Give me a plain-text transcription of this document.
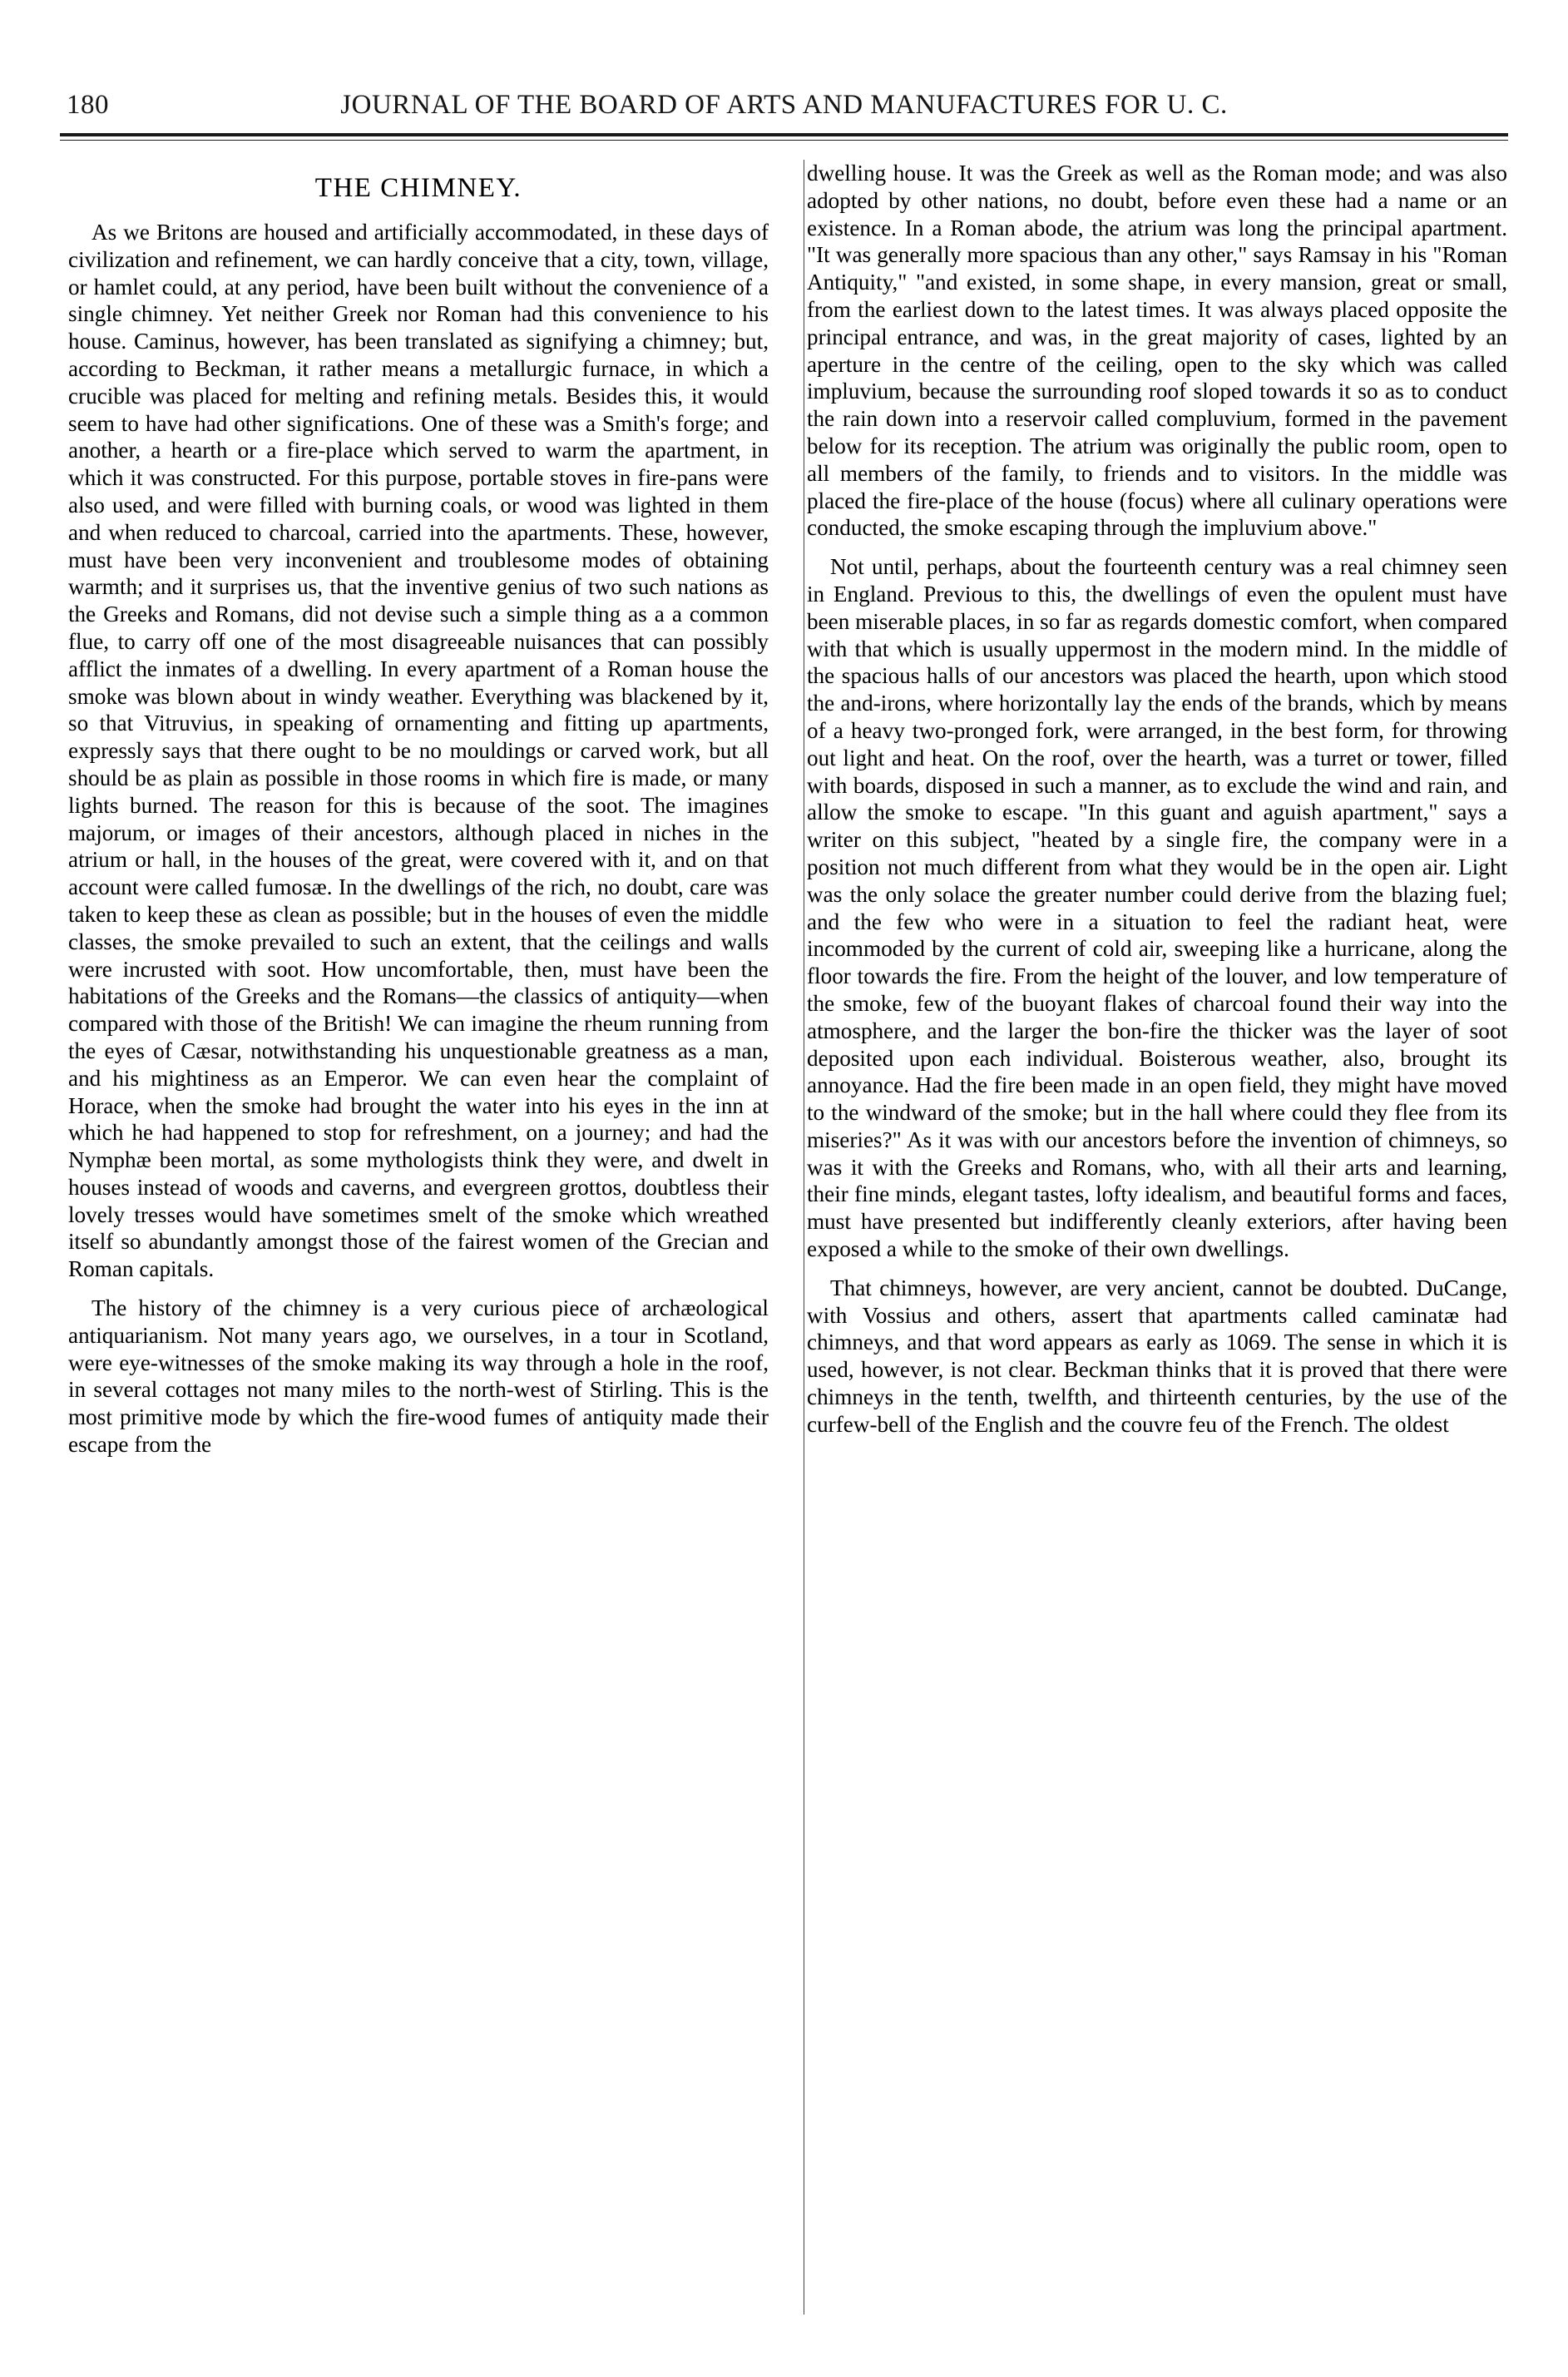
180	JOURNAL OF THE BOARD OF ARTS AND MANUFACTURES FOR U. C.
THE CHIMNEY.

As we Britons are housed and artificially accommodated, in these days of civilization and refinement, we can hardly conceive that a city, town, village, or hamlet could, at any period, have been built without the convenience of a single chimney. Yet neither Greek nor Roman had this convenience to his house. Caminus, however, has been translated as signifying a chimney; but, according to Beckman, it rather means a metallurgic furnace, in which a crucible was placed for melting and refining metals. Besides this, it would seem to have had other significations. One of these was a Smith's forge; and another, a hearth or a fire-place which served to warm the apartment, in which it was constructed. For this purpose, portable stoves in fire-pans were also used, and were filled with burning coals, or wood was lighted in them and when reduced to charcoal, carried into the apartments. These, however, must have been very inconvenient and troublesome modes of obtaining warmth; and it surprises us, that the inventive genius of two such nations as the Greeks and Romans, did not devise such a simple thing as a a common flue, to carry off one of the most disagreeable nuisances that can possibly afflict the inmates of a dwelling. In every apartment of a Roman house the smoke was blown about in windy weather. Everything was blackened by it, so that Vitruvius, in speaking of ornamenting and fitting up apartments, expressly says that there ought to be no mouldings or carved work, but all should be as plain as possible in those rooms in which fire is made, or many lights burned. The reason for this is because of the soot. The imagines majorum, or images of their ancestors, although placed in niches in the atrium or hall, in the houses of the great, were covered with it, and on that account were called fumosæ. In the dwellings of the rich, no doubt, care was taken to keep these as clean as possible; but in the houses of even the middle classes, the smoke prevailed to such an extent, that the ceilings and walls were incrusted with soot. How uncomfortable, then, must have been the habitations of the Greeks and the Romans—the classics of antiquity—when compared with those of the British! We can imagine the rheum running from the eyes of Cæsar, notwithstanding his unquestionable greatness as a man, and his mightiness as an Emperor. We can even hear the complaint of Horace, when the smoke had brought the water into his eyes in the inn at which he had happened to stop for refreshment, on a journey; and had the Nymphæ been mortal, as some mythologists think they were, and dwelt in houses instead of woods and caverns, and evergreen grottos, doubtless their lovely tresses would have sometimes smelt of the smoke which wreathed itself so abundantly amongst those of the fairest women of the Grecian and Roman capitals.

The history of the chimney is a very curious piece of archæological antiquarianism. Not many years ago, we ourselves, in a tour in Scotland, were eye-witnesses of the smoke making its way through a hole in the roof, in several cottages not many miles to the north-west of Stirling. This is the most primitive mode by which the fire-wood fumes of antiquity made their escape from the

dwelling house. It was the Greek as well as the Roman mode; and was also adopted by other nations, no doubt, before even these had a name or an existence. In a Roman abode, the atrium was long the principal apartment. "It was generally more spacious than any other," says Ramsay in his "Roman Antiquity," "and existed, in some shape, in every mansion, great or small, from the earliest down to the latest times. It was always placed opposite the principal entrance, and was, in the great majority of cases, lighted by an aperture in the centre of the ceiling, open to the sky which was called impluvium, because the surrounding roof sloped towards it so as to conduct the rain down into a reservoir called compluvium, formed in the pavement below for its reception. The atrium was originally the public room, open to all members of the family, to friends and to visitors. In the middle was placed the fire-place of the house (focus) where all culinary operations were conducted, the smoke escaping through the impluvium above."

Not until, perhaps, about the fourteenth century was a real chimney seen in England. Previous to this, the dwellings of even the opulent must have been miserable places, in so far as regards domestic comfort, when compared with that which is usually uppermost in the modern mind. In the middle of the spacious halls of our ancestors was placed the hearth, upon which stood the and-irons, where horizontally lay the ends of the brands, which by means of a heavy two-pronged fork, were arranged, in the best form, for throwing out light and heat. On the roof, over the hearth, was a turret or tower, filled with boards, disposed in such a manner, as to exclude the wind and rain, and allow the smoke to escape. "In this guant and aguish apartment," says a writer on this subject, "heated by a single fire, the company were in a position not much different from what they would be in the open air. Light was the only solace the greater number could derive from the blazing fuel; and the few who were in a situation to feel the radiant heat, were incommoded by the current of cold air, sweeping like a hurricane, along the floor towards the fire. From the height of the louver, and low temperature of the smoke, few of the buoyant flakes of charcoal found their way into the atmosphere, and the larger the bon-fire the thicker was the layer of soot deposited upon each individual. Boisterous weather, also, brought its annoyance. Had the fire been made in an open field, they might have moved to the windward of the smoke; but in the hall where could they flee from its miseries?" As it was with our ancestors before the invention of chimneys, so was it with the Greeks and Romans, who, with all their arts and learning, their fine minds, elegant tastes, lofty idealism, and beautiful forms and faces, must have presented but indifferently cleanly exteriors, after having been exposed a while to the smoke of their own dwellings.

That chimneys, however, are very ancient, cannot be doubted. DuCange, with Vossius and others, assert that apartments called caminatæ had chimneys, and that word appears as early as 1069. The sense in which it is used, however, is not clear. Beckman thinks that it is proved that there were chimneys in the tenth, twelfth, and thirteenth centuries, by the use of the curfew-bell of the English and the couvre feu of the French. The oldest
